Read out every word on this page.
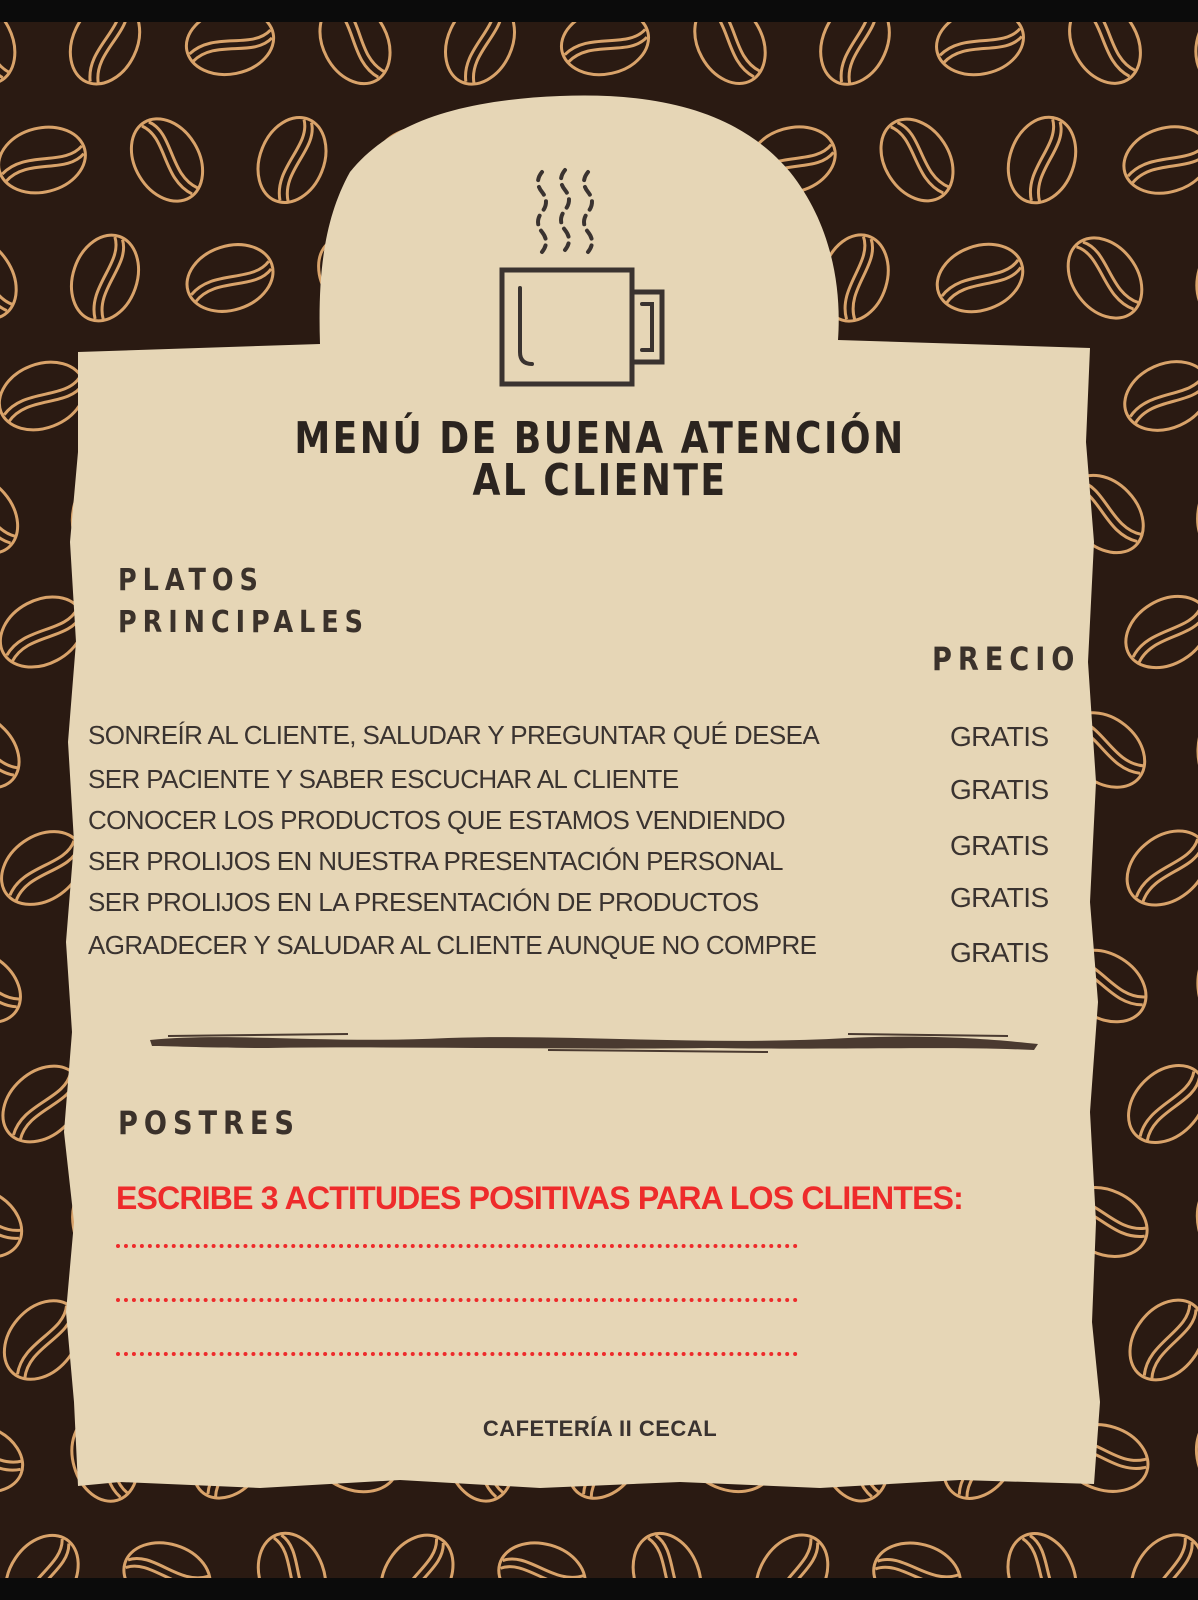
MENÚ DE BUENA ATENCIÓN AL CLIENTE
PLATOS
PRINCIPALES
PRECIO
SONREÍR AL CLIENTE, SALUDAR Y PREGUNTAR QUÉ DESEA
SER PACIENTE Y SABER ESCUCHAR AL CLIENTE
CONOCER LOS PRODUCTOS QUE ESTAMOS VENDIENDO
SER PROLIJOS EN NUESTRA PRESENTACIÓN PERSONAL
SER PROLIJOS EN LA PRESENTACIÓN DE PRODUCTOS
AGRADECER Y SALUDAR AL CLIENTE AUNQUE NO COMPRE
GRATIS
GRATIS
GRATIS
GRATIS
GRATIS
POSTRES
ESCRIBE 3 ACTITUDES POSITIVAS PARA LOS CLIENTES:
CAFETERÍA II CECAL
